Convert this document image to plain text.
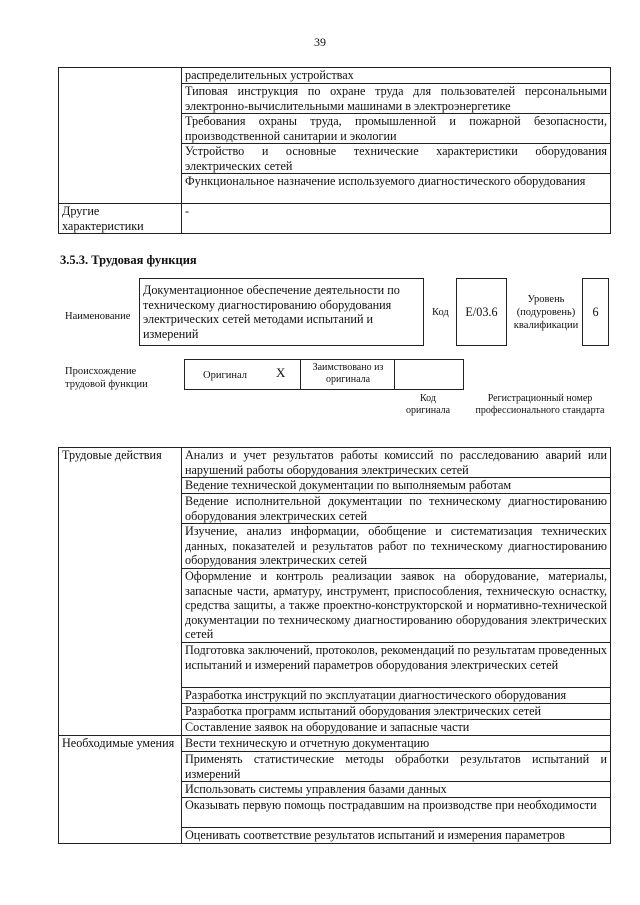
39
	распределительных устройствах
	Типовая инструкция по охране труда для пользователей персональными электронно-вычислительными машинами в электроэнергетике
	Требования охраны труда, промышленной и пожарной безопасности, производственной санитарии и экологии
	Устройство и основные технические характеристики оборудования электрических сетей
	Функциональное назначение используемого диагностического оборудования
Другие характеристики	-
3.5.3. Трудовая функция
Наименование
Документационное обеспечение деятельности по техническому диагностированию оборудования электрических сетей методами испытаний и измерений
Код	E/03.6
Уровень (подуровень) квалификации
6
Происхождение трудовой функции
Оригинал X	Заимствовано из оригинала
Код оригинала
Регистрационный номер профессионального стандарта
Трудовые действия	Анализ и учет результатов работы комиссий по расследованию аварий или нарушений работы оборудования электрических сетей
	Ведение технической документации по выполняемым работам
	Ведение исполнительной документации по техническому диагностированию оборудования электрических сетей
	Изучение, анализ информации, обобщение и систематизация технических данных, показателей и результатов работ по техническому диагностированию оборудования электрических сетей
	Оформление и контроль реализации заявок на оборудование, материалы, запасные части, арматуру, инструмент, приспособления, техническую оснастку, средства защиты, а также проектно-конструкторской и нормативно-технической документации по техническому диагностированию оборудования электрических сетей
	Подготовка заключений, протоколов, рекомендаций по результатам проведенных испытаний и измерений параметров оборудования электрических сетей
	Разработка инструкций по эксплуатации диагностического оборудования
	Разработка программ испытаний оборудования электрических сетей
	Составление заявок на оборудование и запасные части
Необходимые умения	Вести техническую и отчетную документацию
	Применять статистические методы обработки результатов испытаний и измерений
	Использовать системы управления базами данных
	Оказывать первую помощь пострадавшим на производстве при необходимости
	Оценивать соответствие результатов испытаний и измерения параметров
